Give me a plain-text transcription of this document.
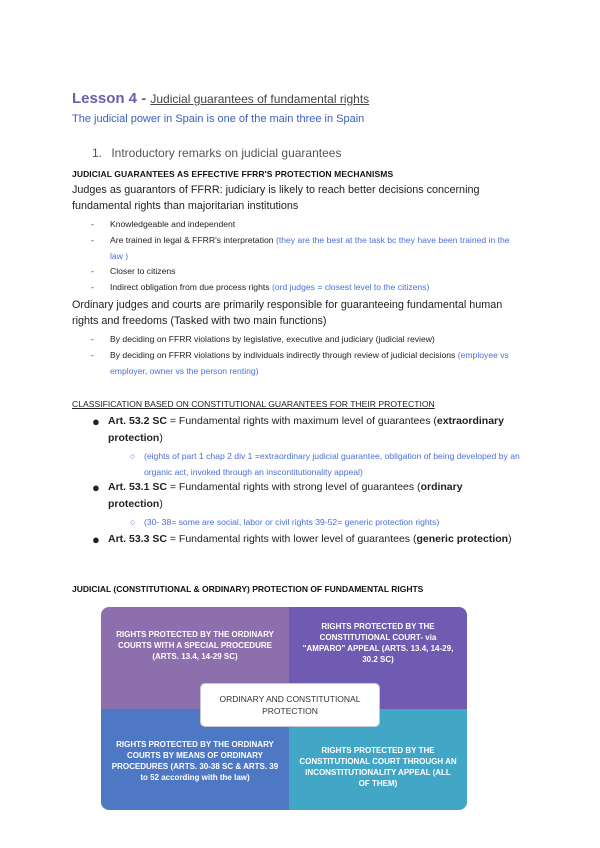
Lesson 4 - Judicial guarantees of fundamental rights
The judicial power in Spain is one of the main three in Spain
1. Introductory remarks on judicial guarantees
JUDICIAL GUARANTEES AS EFFECTIVE FFRR'S PROTECTION MECHANISMS
Judges as guarantors of FFRR: judiciary is likely to reach better decisions concerning fundamental rights than majoritarian institutions
- Knowledgeable and independent
- Are trained in legal & FFRR's interpretation (they are the best at the task bc they have been trained in the law )
- Closer to citizens
- Indirect obligation from due process rights (ord judges = closest level to the citizens)
Ordinary judges and courts are primarily responsible for guaranteeing fundamental human rights and freedoms (Tasked with two main functions)
- By deciding on FFRR violations by legislative, executive and judiciary (judicial review)
- By deciding on FFRR violations by individuals indirectly through review of judicial decisions (employee vs employer, owner vs the person renting)
CLASSIFICATION BASED ON CONSTITUTIONAL GUARANTEES FOR THEIR PROTECTION
● Art. 53.2 SC = Fundamental rights with maximum level of guarantees (extraordinary protection)
○ (eights of part 1 chap 2 div 1 =extraordinary judicial guarantee, obligation of being developed by an organic act, invoked through an inscontitutionality appeal)
● Art. 53.1 SC = Fundamental rights with strong level of guarantees (ordinary protection)
○ (30- 38= some are social, labor or civil rights 39-52= generic protection rights)
● Art. 53.3 SC = Fundamental rights with lower level of guarantees (generic protection)
JUDICIAL (CONSTITUTIONAL & ORDINARY) PROTECTION OF FUNDAMENTAL RIGHTS
RIGHTS PROTECTED BY THE ORDINARY COURTS WITH A SPECIAL PROCEDURE (ARTS. 13.4, 14-29 SC)
RIGHTS PROTECTED BY THE CONSTITUTIONAL COURT- via "AMPARO" APPEAL (ARTS. 13.4, 14-29, 30.2 SC)
RIGHTS PROTECTED BY THE ORDINARY COURTS BY MEANS OF ORDINARY PROCEDURES (ARTS. 30-38 SC & ARTS. 39 to 52 according with the law)
RIGHTS PROTECTED BY THE CONSTITUTIONAL COURT THROUGH AN INCONSTITUTIONALITY APPEAL (ALL OF THEM)
ORDINARY AND CONSTITUTIONAL PROTECTION
